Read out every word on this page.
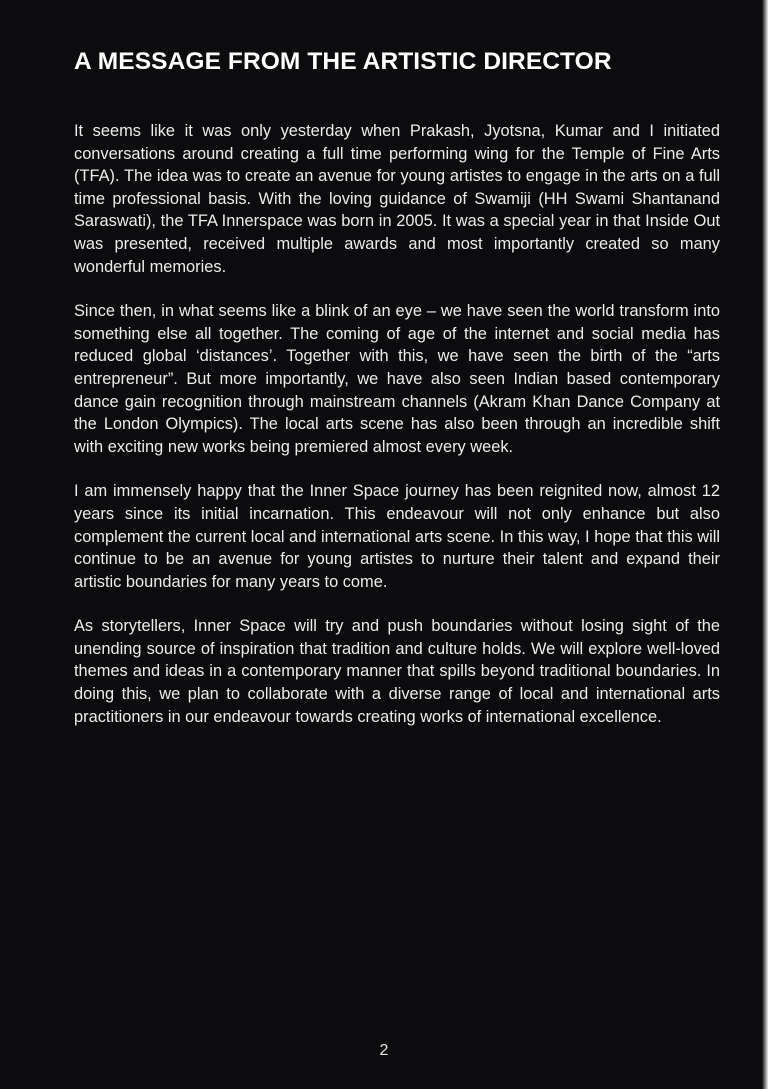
A MESSAGE FROM THE ARTISTIC DIRECTOR

It seems like it was only yesterday when Prakash, Jyotsna, Kumar and I initiated conversations around creating a full time performing wing for the Temple of Fine Arts (TFA). The idea was to create an avenue for young artistes to engage in the arts on a full time professional basis. With the loving guidance of Swamiji (HH Swami Shantanand Saraswati), the TFA Innerspace was born in 2005. It was a special year in that Inside Out was presented, received multiple awards and most importantly created so many wonderful memories.

Since then, in what seems like a blink of an eye – we have seen the world transform into something else all together. The coming of age of the internet and social media has reduced global ‘distances’. Together with this, we have seen the birth of the “arts entrepreneur”. But more importantly, we have also seen Indian based contemporary dance gain recognition through mainstream channels (Akram Khan Dance Company at the London Olympics). The local arts scene has also been through an incredible shift with exciting new works being premiered almost every week.

I am immensely happy that the Inner Space journey has been reignited now, almost 12 years since its initial incarnation. This endeavour will not only enhance but also complement the current local and international arts scene. In this way, I hope that this will continue to be an avenue for young artistes to nurture their talent and expand their artistic boundaries for many years to come.

As storytellers, Inner Space will try and push boundaries without losing sight of the unending source of inspiration that tradition and culture holds. We will explore well-loved themes and ideas in a contemporary manner that spills beyond traditional boundaries. In doing this, we plan to collaborate with a diverse range of local and international arts practitioners in our endeavour towards creating works of international excellence.

2
